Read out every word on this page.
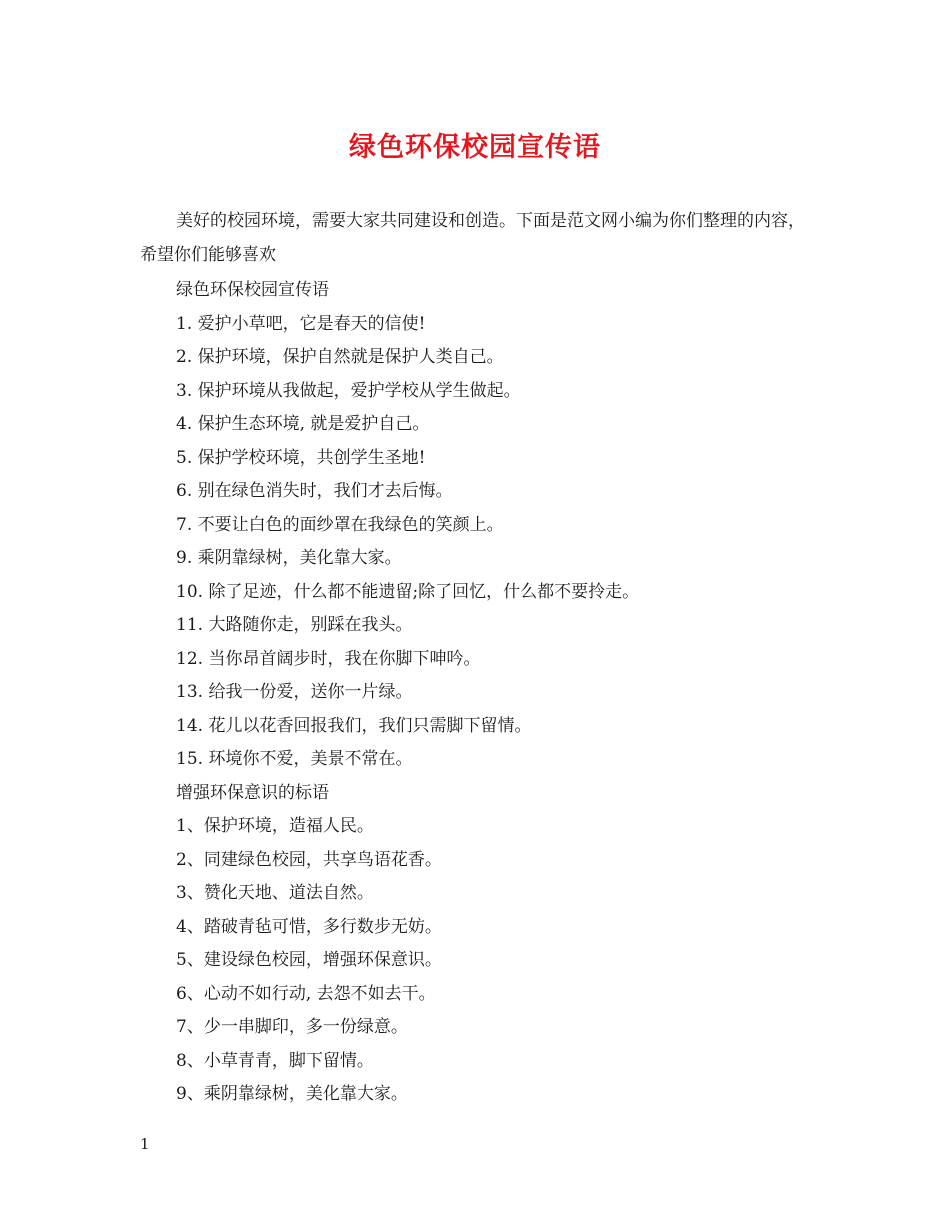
绿色环保校园宣传语

美好的校园环境，需要大家共同建设和创造。下面是范文网小编为你们整理的内容，希望你们能够喜欢

绿色环保校园宣传语
1. 爱护小草吧，它是春天的信使!
2. 保护环境，保护自然就是保护人类自己。
3. 保护环境从我做起，爱护学校从学生做起。
4. 保护生态环境, 就是爱护自己。
5. 保护学校环境，共创学生圣地!
6. 别在绿色消失时，我们才去后悔。
7. 不要让白色的面纱罩在我绿色的笑颜上。
9. 乘阴靠绿树，美化靠大家。
10. 除了足迹，什么都不能遗留;除了回忆，什么都不要拎走。
11. 大路随你走，别踩在我头。
12. 当你昂首阔步时，我在你脚下呻吟。
13. 给我一份爱，送你一片绿。
14. 花儿以花香回报我们，我们只需脚下留情。
15. 环境你不爱，美景不常在。
增强环保意识的标语
1、保护环境，造福人民。
2、同建绿色校园，共享鸟语花香。
3、赞化天地、道法自然。
4、踏破青毡可惜，多行数步无妨。
5、建设绿色校园，增强环保意识。
6、心动不如行动, 去怨不如去干。
7、少一串脚印，多一份绿意。
8、小草青青，脚下留情。
9、乘阴靠绿树，美化靠大家。
1
